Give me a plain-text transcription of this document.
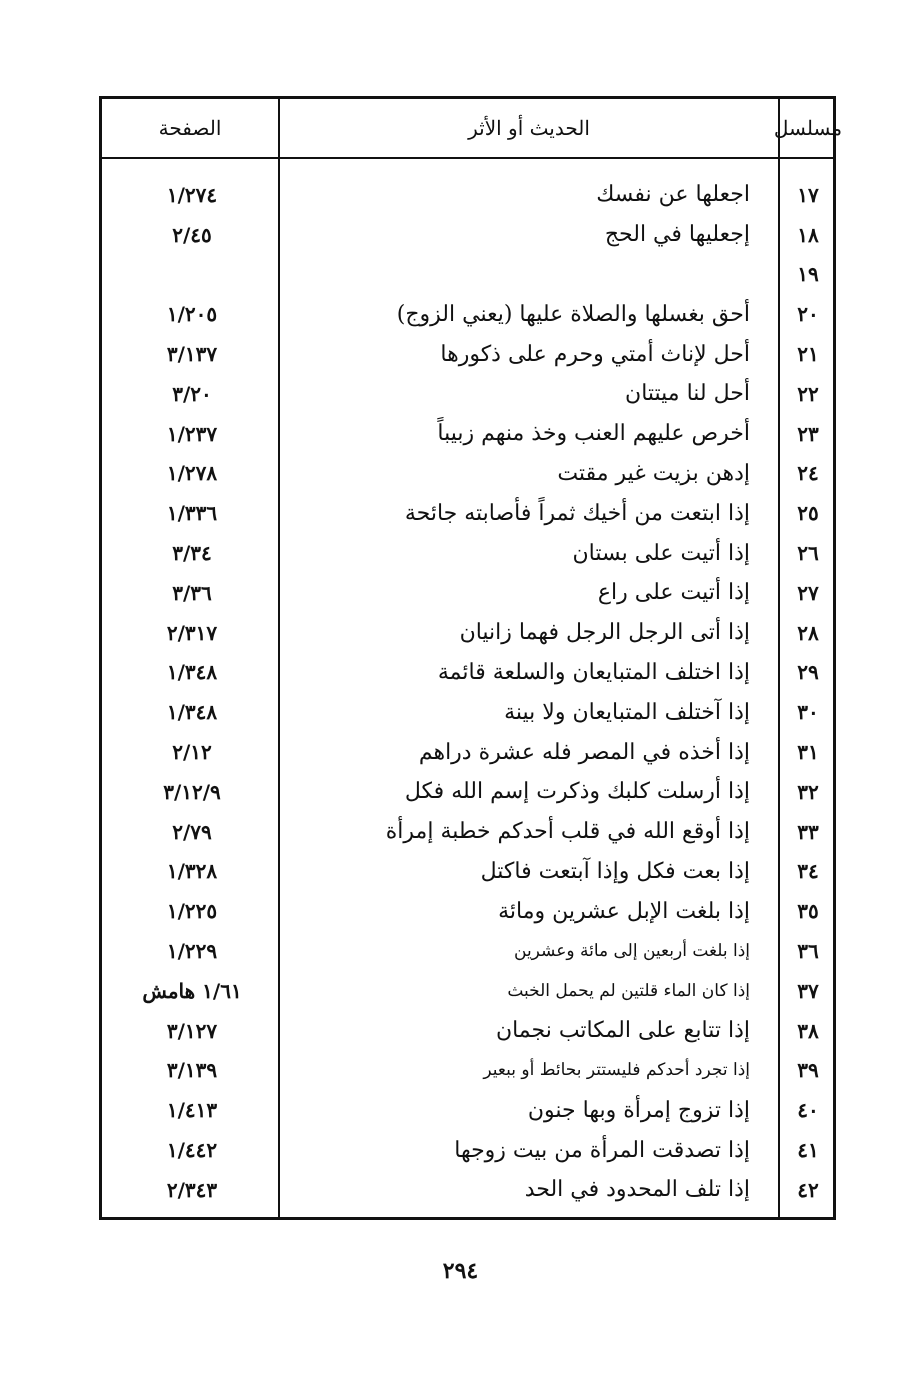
مسلسل
الحديث أو الأثر
الصفحة
١٧
اجعلها عن نفسك
١/٢٧٤
١٨
إجعليها في الحج
٢/٤٥
١٩
٢٠
أحق بغسلها والصلاة عليها (يعني الزوج)
١/٢٠٥
٢١
أحل لإناث أمتي وحرم على ذكورها
٣/١٣٧
٢٢
أحل لنا ميتتان
٣/٢٠
٢٣
أخرص عليهم العنب وخذ منهم زبيباً
١/٢٣٧
٢٤
إدهن بزيت غير مقتت
١/٢٧٨
٢٥
إذا ابتعت من أخيك ثمراً فأصابته جائحة
١/٣٣٦
٢٦
إذا أتيت على بستان
٣/٣٤
٢٧
إذا أتيت على راع
٣/٣٦
٢٨
إذا أتى الرجل الرجل فهما زانيان
٢/٣١٧
٢٩
إذا اختلف المتبايعان والسلعة قائمة
١/٣٤٨
٣٠
إذا آختلف المتبايعان ولا بينة
١/٣٤٨
٣١
إذا أخذه في المصر فله عشرة دراهم
٢/١٢
٣٢
إذا أرسلت كلبك وذكرت إسم الله فكل
٣/١٢/٩
٣٣
إذا أوقع الله في قلب أحدكم خطبة إمرأة
٢/٧٩
٣٤
إذا بعت فكل وإذا آبتعت فاكتل
١/٣٢٨
٣٥
إذا بلغت الإبل عشرين ومائة
١/٢٢٥
٣٦
إذا بلغت أربعين إلى مائة وعشرين
١/٢٢٩
٣٧
إذا كان الماء قلتين لم يحمل الخبث
١/٦١ هامش
٣٨
إذا تتابع على المكاتب نجمان
٣/١٢٧
٣٩
إذا تجرد أحدكم فليستتر بحائط أو ببعير
٣/١٣٩
٤٠
إذا تزوج إمرأة وبها جنون
١/٤١٣
٤١
إذا تصدقت المرأة من بيت زوجها
١/٤٤٢
٤٢
إذا تلف المحدود في الحد
٢/٣٤٣
٢٩٤
